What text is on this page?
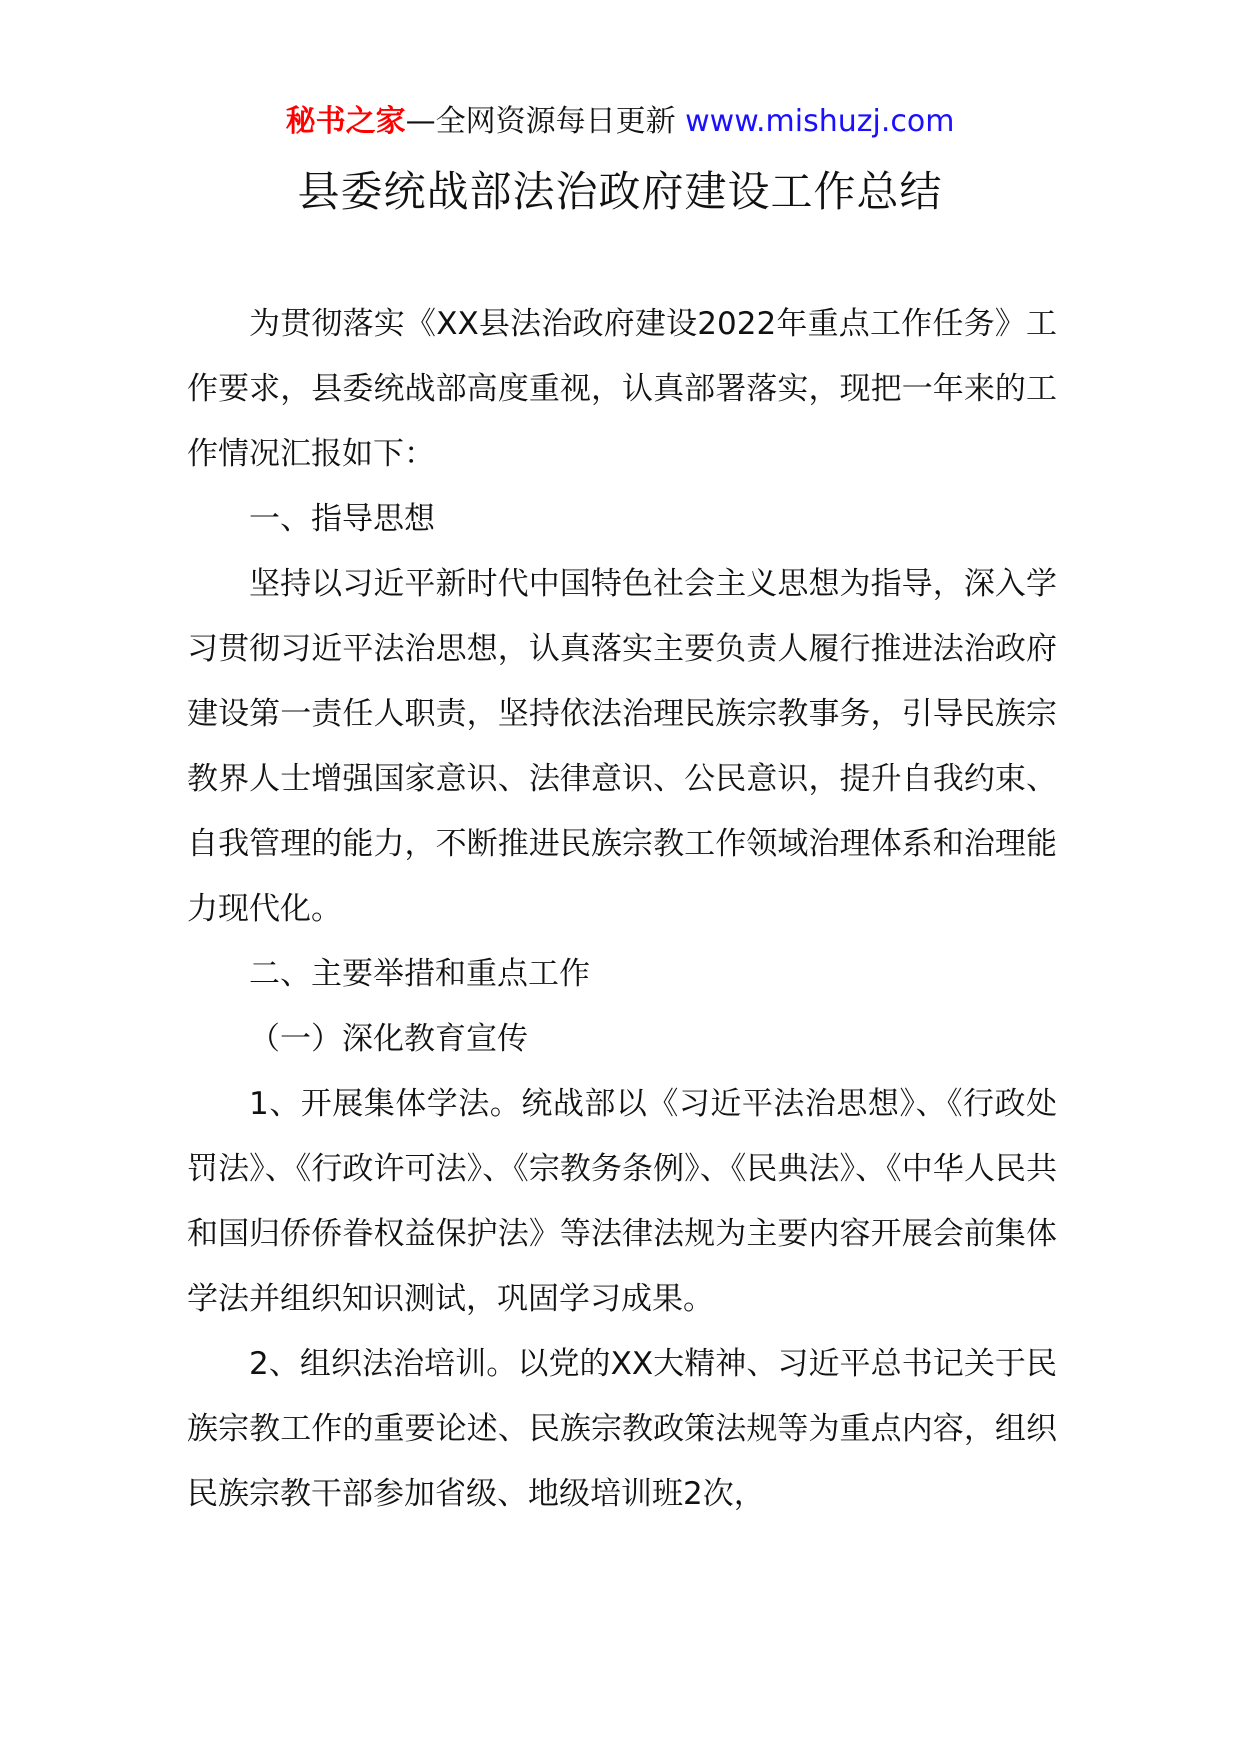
秘书之家—全网资源每日更新 www.mishuzj.com
县委统战部法治政府建设工作总结

为贯彻落实《XX县法治政府建设2022年重点工作任务》工作要求，县委统战部高度重视，认真部署落实，现把一年来的工作情况汇报如下：

一、指导思想

坚持以习近平新时代中国特色社会主义思想为指导，深入学习贯彻习近平法治思想，认真落实主要负责人履行推进法治政府建设第一责任人职责，坚持依法治理民族宗教事务，引导民族宗教界人士增强国家意识、法律意识、公民意识，提升自我约束、自我管理的能力，不断推进民族宗教工作领域治理体系和治理能力现代化。

二、主要举措和重点工作

（一）深化教育宣传

1、开展集体学法。统战部以《习近平法治思想》、《行政处罚法》、《行政许可法》、《宗教务条例》、《民典法》、《中华人民共和国归侨侨眷权益保护法》等法律法规为主要内容开展会前集体学法并组织知识测试，巩固学习成果。

2、组织法治培训。以党的XX大精神、习近平总书记关于民族宗教工作的重要论述、民族宗教政策法规等为重点内容，组织民族宗教干部参加省级、地级培训班2次，
